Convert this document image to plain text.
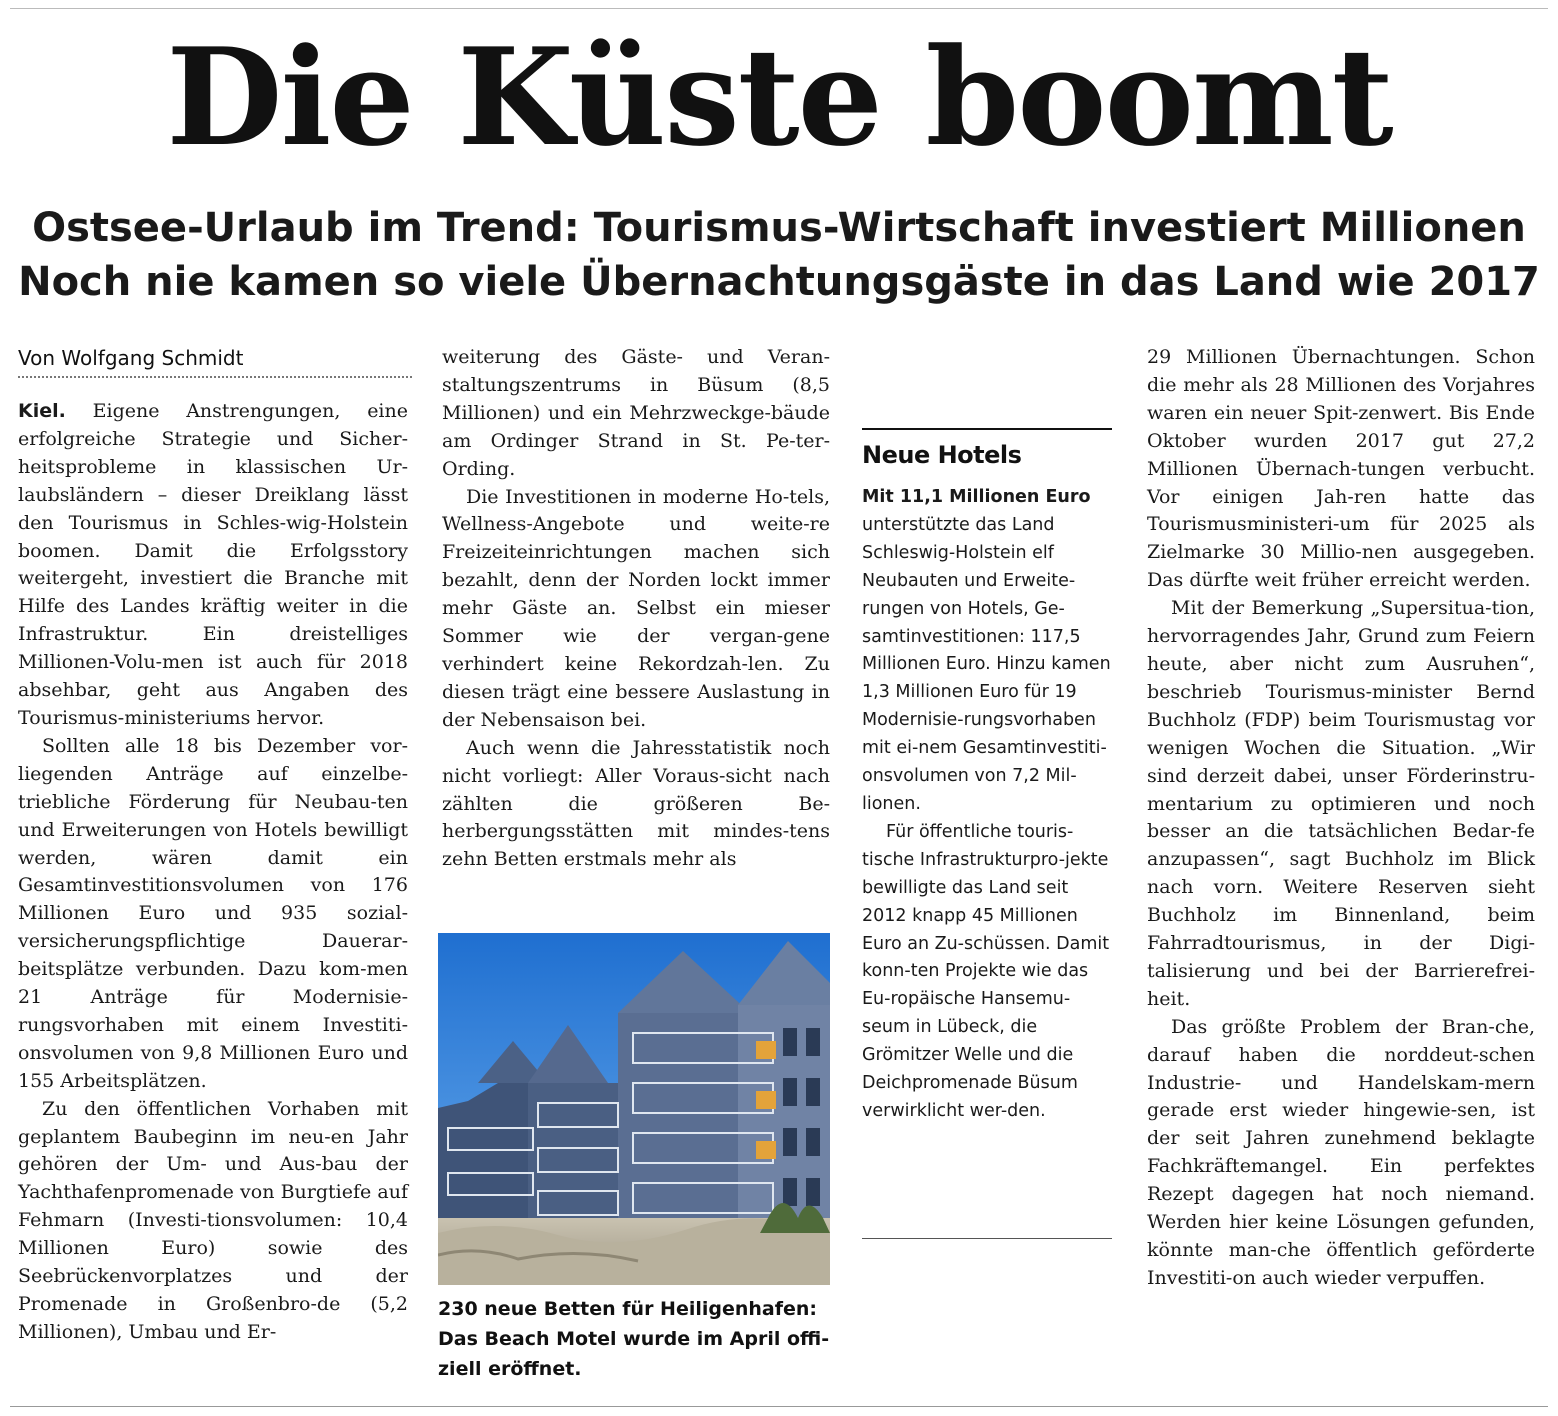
Die Küste boomt
Ostsee-Urlaub im Trend: Tourismus-Wirtschaft investiert Millionen
Noch nie kamen so viele Übernachtungsgäste in das Land wie 2017
Von Wolfgang Schmidt

Kiel. Eigene Anstrengungen, eine erfolgreiche Strategie und Sicher-heitsprobleme in klassischen Ur-laubsländern – dieser Dreiklang lässt den Tourismus in Schles-wig-Holstein boomen. Damit die Erfolgsstory weitergeht, investiert die Branche mit Hilfe des Landes kräftig weiter in die Infrastruktur. Ein dreistelliges Millionen-Volu-men ist auch für 2018 absehbar, geht aus Angaben des Tourismus-ministeriums hervor.

Sollten alle 18 bis Dezember vor-liegenden Anträge auf einzelbe-triebliche Förderung für Neubau-ten und Erweiterungen von Hotels bewilligt werden, wären damit ein Gesamtinvestitionsvolumen von 176 Millionen Euro und 935 sozial-versicherungspflichtige Dauerar-beitsplätze verbunden. Dazu kom-men 21 Anträge für Modernisie-rungsvorhaben mit einem Investiti-onsvolumen von 9,8 Millionen Euro und 155 Arbeitsplätzen.

Zu den öffentlichen Vorhaben mit geplantem Baubeginn im neu-en Jahr gehören der Um- und Aus-bau der Yachthafenpromenade von Burgtiefe auf Fehmarn (Investi-tionsvolumen: 10,4 Millionen Euro) sowie des Seebrückenvorplatzes und der Promenade in Großenbro-de (5,2 Millionen), Umbau und Er-

weiterung des Gäste- und Veran-staltungszentrums in Büsum (8,5 Millionen) und ein Mehrzweckge-bäude am Ordinger Strand in St. Pe-ter-Ording.

Die Investitionen in moderne Ho-tels, Wellness-Angebote und weite-re Freizeiteinrichtungen machen sich bezahlt, denn der Norden lockt immer mehr Gäste an. Selbst ein mieser Sommer wie der vergan-gene verhindert keine Rekordzah-len. Zu diesen trägt eine bessere Auslastung in der Nebensaison bei.

Auch wenn die Jahresstatistik noch nicht vorliegt: Aller Voraus-sicht nach zählten die größeren Be-herbergungsstätten mit mindes-tens zehn Betten erstmals mehr als

230 neue Betten für Heiligenhafen: Das Beach Motel wurde im April offi-ziell eröffnet.
Neue Hotels

Mit 11,1 Millionen Euro
unterstützte das Land Schleswig-Holstein elf Neubauten und Erweite-rungen von Hotels, Ge-samtinvestitionen: 117,5 Millionen Euro. Hinzu kamen 1,3 Millionen Euro für 19 Modernisie-rungsvorhaben mit ei-nem Gesamtinvestiti-onsvolumen von 7,2 Mil-lionen.

Für öffentliche touris-tische Infrastrukturpro-jekte bewilligte das Land seit 2012 knapp 45 Millionen Euro an Zu-schüssen. Damit konn-ten Projekte wie das Eu-ropäische Hansemu-seum in Lübeck, die Grömitzer Welle und die Deichpromenade Büsum verwirklicht wer-den.

29 Millionen Übernachtungen. Schon die mehr als 28 Millionen des Vorjahres waren ein neuer Spit-zenwert. Bis Ende Oktober wurden 2017 gut 27,2 Millionen Übernach-tungen verbucht. Vor einigen Jah-ren hatte das Tourismusministeri-um für 2025 als Zielmarke 30 Millio-nen ausgegeben. Das dürfte weit früher erreicht werden.

Mit der Bemerkung „Supersitua-tion, hervorragendes Jahr, Grund zum Feiern heute, aber nicht zum Ausruhen“, beschrieb Tourismus-minister Bernd Buchholz (FDP) beim Tourismustag vor wenigen Wochen die Situation. „Wir sind derzeit dabei, unser Förderinstru-mentarium zu optimieren und noch besser an die tatsächlichen Bedar-fe anzupassen“, sagt Buchholz im Blick nach vorn. Weitere Reserven sieht Buchholz im Binnenland, beim Fahrradtourismus, in der Digi-talisierung und bei der Barrierefrei-heit.

Das größte Problem der Bran-che, darauf haben die norddeut-schen Industrie- und Handelskam-mern gerade erst wieder hingewie-sen, ist der seit Jahren zunehmend beklagte Fachkräftemangel. Ein perfektes Rezept dagegen hat noch niemand. Werden hier keine Lösungen gefunden, könnte man-che öffentlich geförderte Investiti-on auch wieder verpuffen.
